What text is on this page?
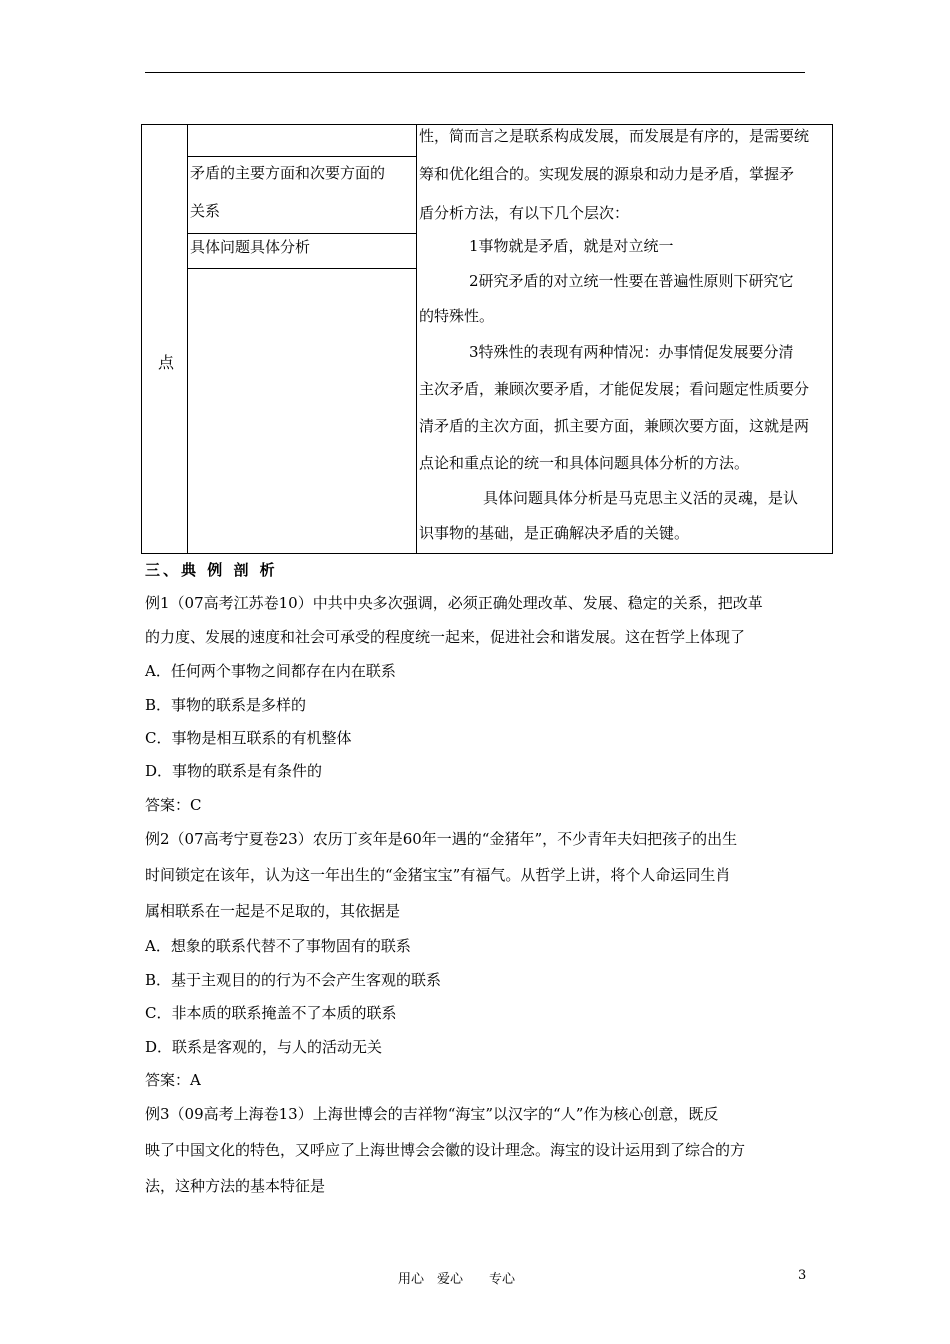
点
矛盾的主要方面和次要方面的
关系
具体问题具体分析
性，简而言之是联系构成发展，而发展是有序的，是需要统
筹和优化组合的。实现发展的源泉和动力是矛盾，掌握矛
盾分析方法，有以下几个层次：
1事物就是矛盾，就是对立统一
2研究矛盾的对立统一性要在普遍性原则下研究它
的特殊性。
3特殊性的表现有两种情况：办事情促发展要分清
主次矛盾，兼顾次要矛盾，才能促发展；看问题定性质要分
清矛盾的主次方面，抓主要方面，兼顾次要方面，这就是两
点论和重点论的统一和具体问题具体分析的方法。
具体问题具体分析是马克思主义活的灵魂，是认
识事物的基础，是正确解决矛盾的关键。
三、典 例 剖 析
例1（07高考江苏卷10）中共中央多次强调，必须正确处理改革、发展、稳定的关系，把改革
的力度、发展的速度和社会可承受的程度统一起来，促进社会和谐发展。这在哲学上体现了
A．任何两个事物之间都存在内在联系
B．事物的联系是多样的
C．事物是相互联系的有机整体
D．事物的联系是有条件的
答案：C
例2（07高考宁夏卷23）农历丁亥年是60年一遇的“金猪年”，不少青年夫妇把孩子的出生
时间锁定在该年，认为这一年出生的“金猪宝宝”有福气。从哲学上讲，将个人命运同生肖
属相联系在一起是不足取的，其依据是
A．想象的联系代替不了事物固有的联系
B．基于主观目的的行为不会产生客观的联系
C．非本质的联系掩盖不了本质的联系
D．联系是客观的，与人的活动无关
答案：A
例3（09高考上海卷13）上海世博会的吉祥物“海宝”以汉字的“人”作为核心创意，既反
映了中国文化的特色，又呼应了上海世博会会徽的设计理念。海宝的设计运用到了综合的方
法，这种方法的基本特征是
用心　爱心　　专心	3
